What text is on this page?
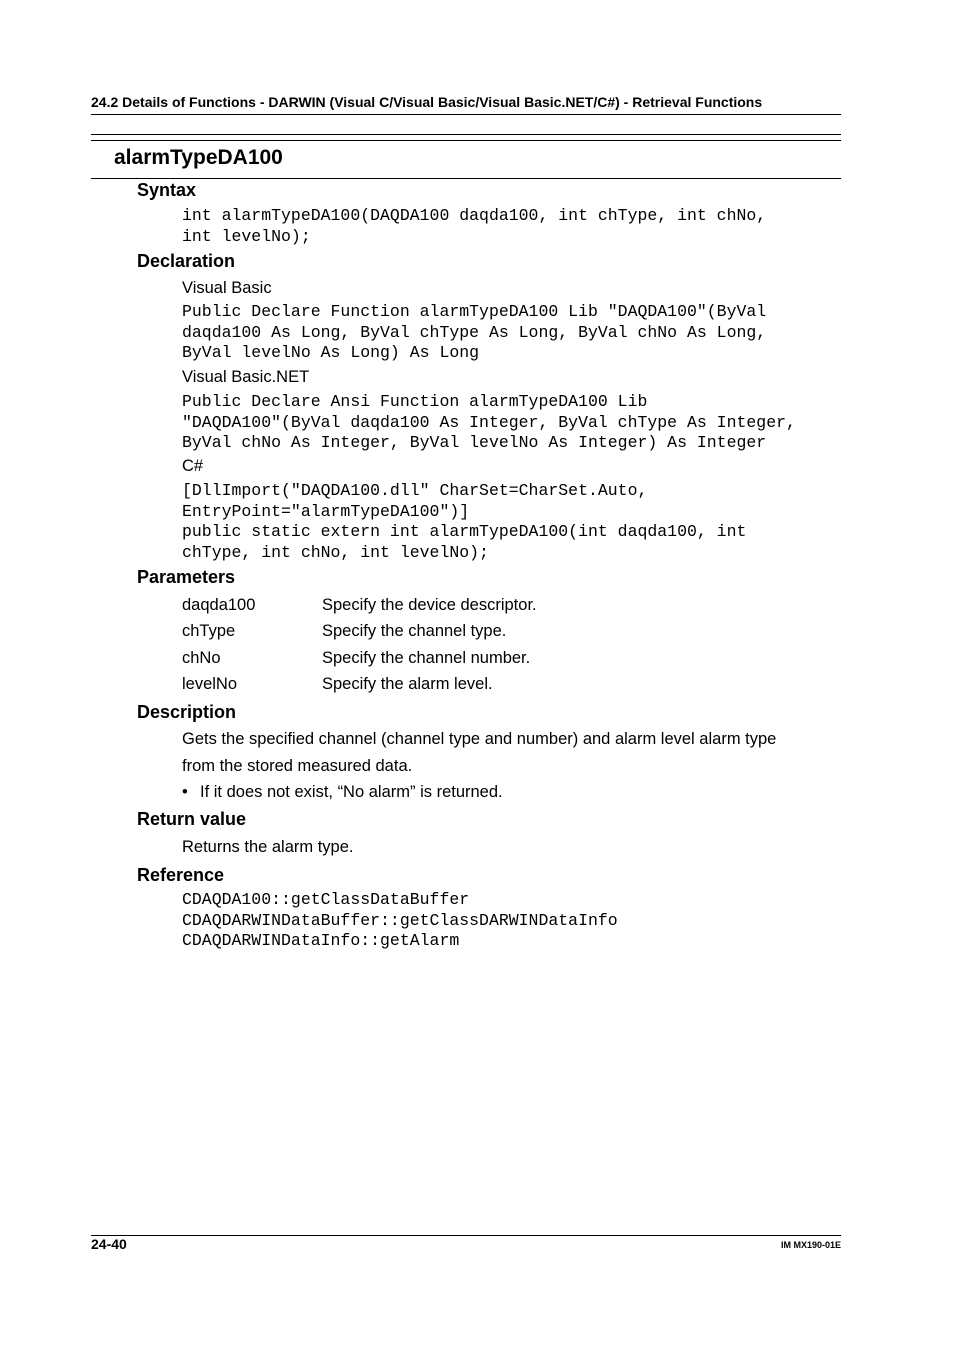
24.2 Details of Functions - DARWIN (Visual C/Visual Basic/Visual Basic.NET/C#) - Retrieval Functions
alarmTypeDA100
Syntax
int alarmTypeDA100(DAQDA100 daqda100, int chType, int chNo,
int levelNo);
Declaration
Visual Basic
Public Declare Function alarmTypeDA100 Lib "DAQDA100"(ByVal
daqda100 As Long, ByVal chType As Long, ByVal chNo As Long,
ByVal levelNo As Long) As Long
Visual Basic.NET
Public Declare Ansi Function alarmTypeDA100 Lib
"DAQDA100"(ByVal daqda100 As Integer, ByVal chType As Integer,
ByVal chNo As Integer, ByVal levelNo As Integer) As Integer
C#
[DllImport("DAQDA100.dll" CharSet=CharSet.Auto,
EntryPoint="alarmTypeDA100")]
public static extern int alarmTypeDA100(int daqda100, int
chType, int chNo, int levelNo);
Parameters
daqda100	Specify the device descriptor.
chType	Specify the channel type.
chNo	Specify the channel number.
levelNo	Specify the alarm level.
Description
Gets the specified channel (channel type and number) and alarm level alarm type
from the stored measured data.
• If it does not exist, “No alarm” is returned.
Return value
Returns the alarm type.
Reference
CDAQDA100::getClassDataBuffer
CDAQDARWINDataBuffer::getClassDARWINDataInfo
CDAQDARWINDataInfo::getAlarm
24-40	IM MX190-01E
